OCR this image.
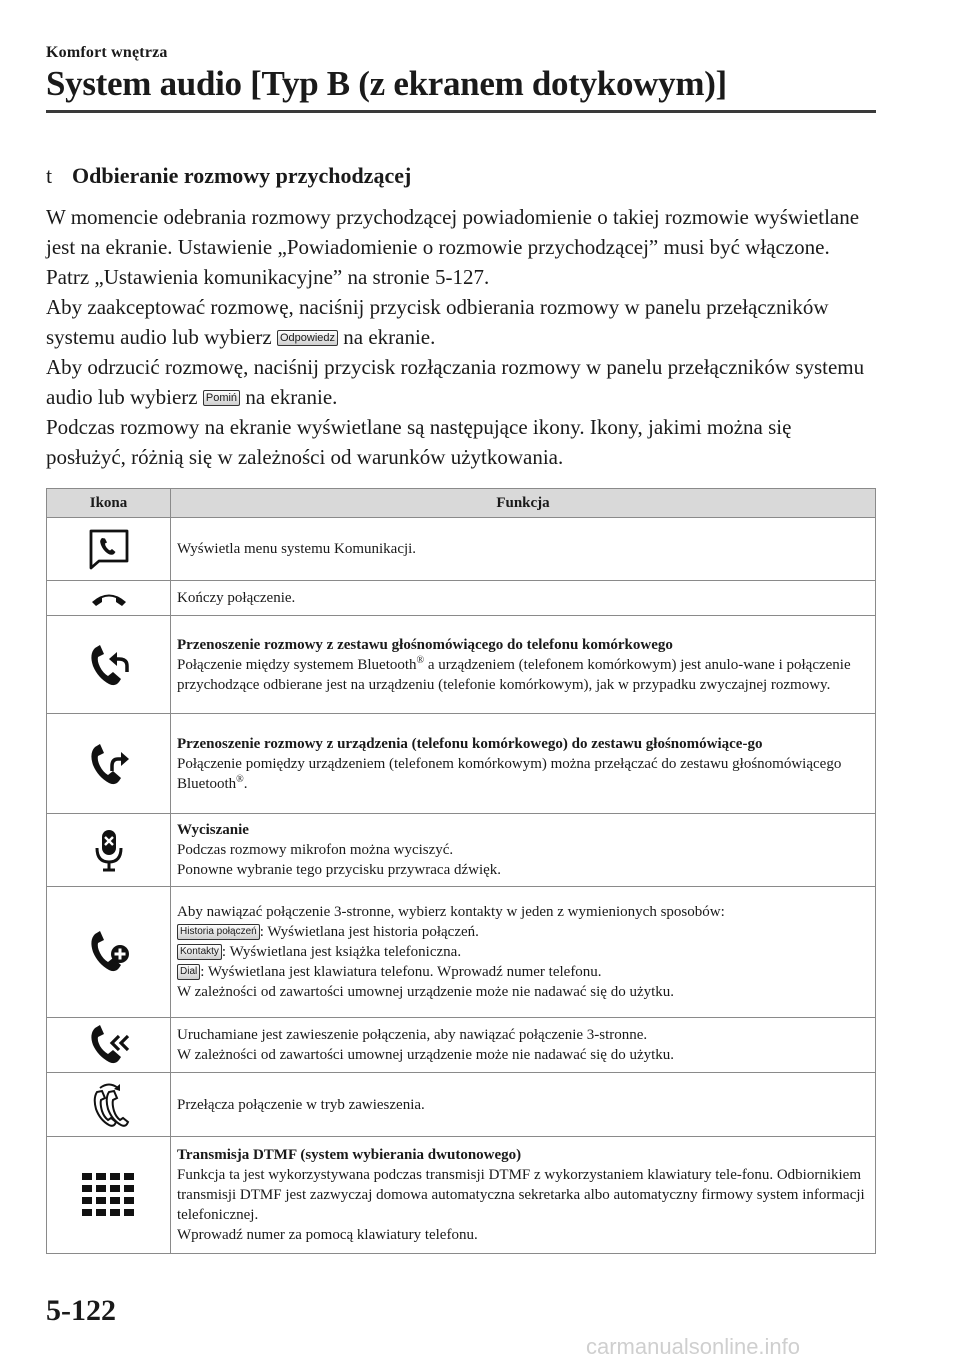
Komfort wnętrza
System audio [Typ B (z ekranem dotykowym)]
t Odbieranie rozmowy przychodzącej

W momencie odebrania rozmowy przychodzącej powiadomienie o takiej rozmowie wyświetlane jest na ekranie. Ustawienie „Powiadomienie o rozmowie przychodzącej” musi być włączone.

Patrz „Ustawienia komunikacyjne” na stronie 5-127.

Aby zaakceptować rozmowę, naciśnij przycisk odbierania rozmowy w panelu przełączników systemu audio lub wybierz Odpowiedz na ekranie.

Aby odrzucić rozmowę, naciśnij przycisk rozłączania rozmowy w panelu przełączników systemu audio lub wybierz Pomiń na ekranie.

Podczas rozmowy na ekranie wyświetlane są następujące ikony. Ikony, jakimi można się posłużyć, różnią się w zależności od warunków użytkowania.

Ikona	Funkcja

Wyświetla menu systemu Komunikacji.

Kończy połączenie.

Przenoszenie rozmowy z zestawu głośnomówiącego do telefonu komórkowego
Połączenie między systemem Bluetooth® a urządzeniem (telefonem komórkowym) jest anulo-wane i połączenie przychodzące odbierane jest na urządzeniu (telefonie komórkowym), jak w przypadku zwyczajnej rozmowy.

Przenoszenie rozmowy z urządzenia (telefonu komórkowego) do zestawu głośnomówiące-go
Połączenie pomiędzy urządzeniem (telefonem komórkowym) można przełączać do zestawu głośnomówiącego Bluetooth®.

Wyciszanie

Podczas rozmowy mikrofon można wyciszyć.

Ponowne wybranie tego przycisku przywraca dźwięk.

Aby nawiązać połączenie 3-stronne, wybierz kontakty w jeden z wymienionych sposobów:

Historia połączeń : Wyświetlana jest historia połączeń.

Kontakty : Wyświetlana jest książka telefoniczna.

Dial : Wyświetlana jest klawiatura telefonu. Wprowadź numer telefonu.

W zależności od zawartości umownej urządzenie może nie nadawać się do użytku.

Uruchamiane jest zawieszenie połączenia, aby nawiązać połączenie 3-stronne.

W zależności od zawartości umownej urządzenie może nie nadawać się do użytku.

Przełącza połączenie w tryb zawieszenia.

Transmisja DTMF (system wybierania dwutonowego)

Funkcja ta jest wykorzystywana podczas transmisji DTMF z wykorzystaniem klawiatury tele-fonu. Odbiornikiem transmisji DTMF jest zazwyczaj domowa automatyczna sekretarka albo automatyczny firmowy system informacji telefonicznej.

Wprowadź numer za pomocą klawiatury telefonu.

5-122
carmanualsonline.info
